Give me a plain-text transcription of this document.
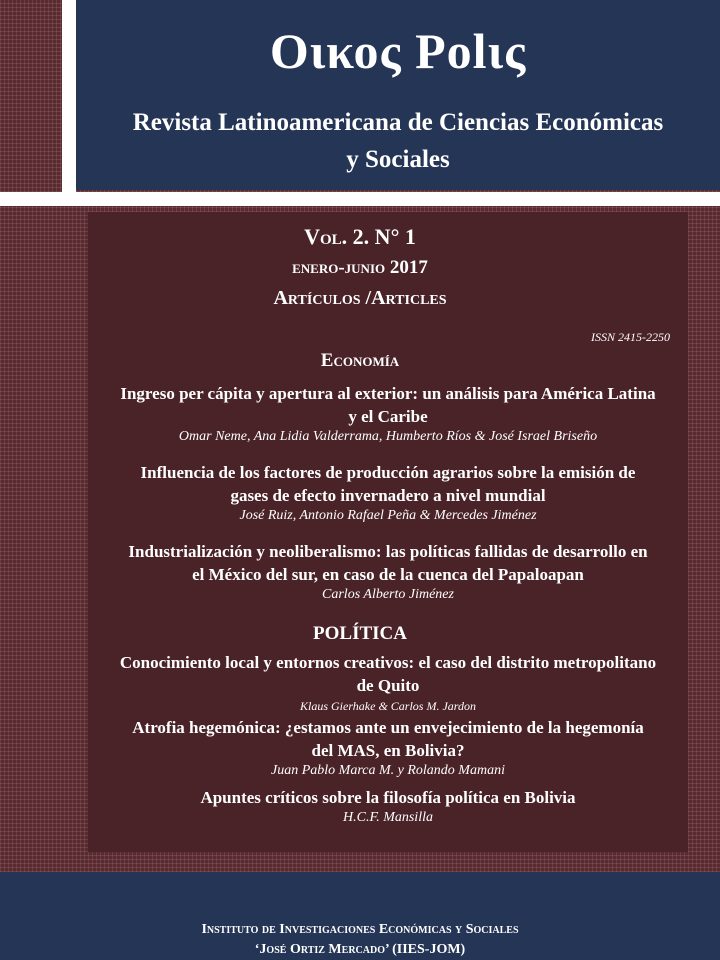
Οικος Polις
Revista Latinoamericana de Ciencias Económicas
y Sociales
Vol. 2. N° 1
enero-junio 2017
Artículos /Articles
ISSN 2415-2250
Economía
Ingreso per cápita y apertura al exterior: un análisis para América Latina
y el Caribe
Omar Neme, Ana Lidia Valderrama, Humberto Ríos & José Israel Briseño
Influencia de los factores de producción agrarios sobre la emisión de
gases de efecto invernadero a nivel mundial
José Ruiz, Antonio Rafael Peña & Mercedes Jiménez
Industrialización y neoliberalismo: las políticas fallidas de desarrollo en
el México del sur, en caso de la cuenca del Papaloapan
Carlos Alberto Jiménez
POLÍTICA
Conocimiento local y entornos creativos: el caso del distrito metropolitano
de Quito
Klaus Gierhake & Carlos M. Jardon
Atrofia hegemónica: ¿estamos ante un envejecimiento de la hegemonía
del MAS, en Bolivia?
Juan Pablo Marca M. y Rolando Mamani
Apuntes críticos sobre la filosofía política en Bolivia
H.C.F. Mansilla
Instituto de Investigaciones Económicas y Sociales
‘José Ortiz Mercado’ (IIES-JOM)
